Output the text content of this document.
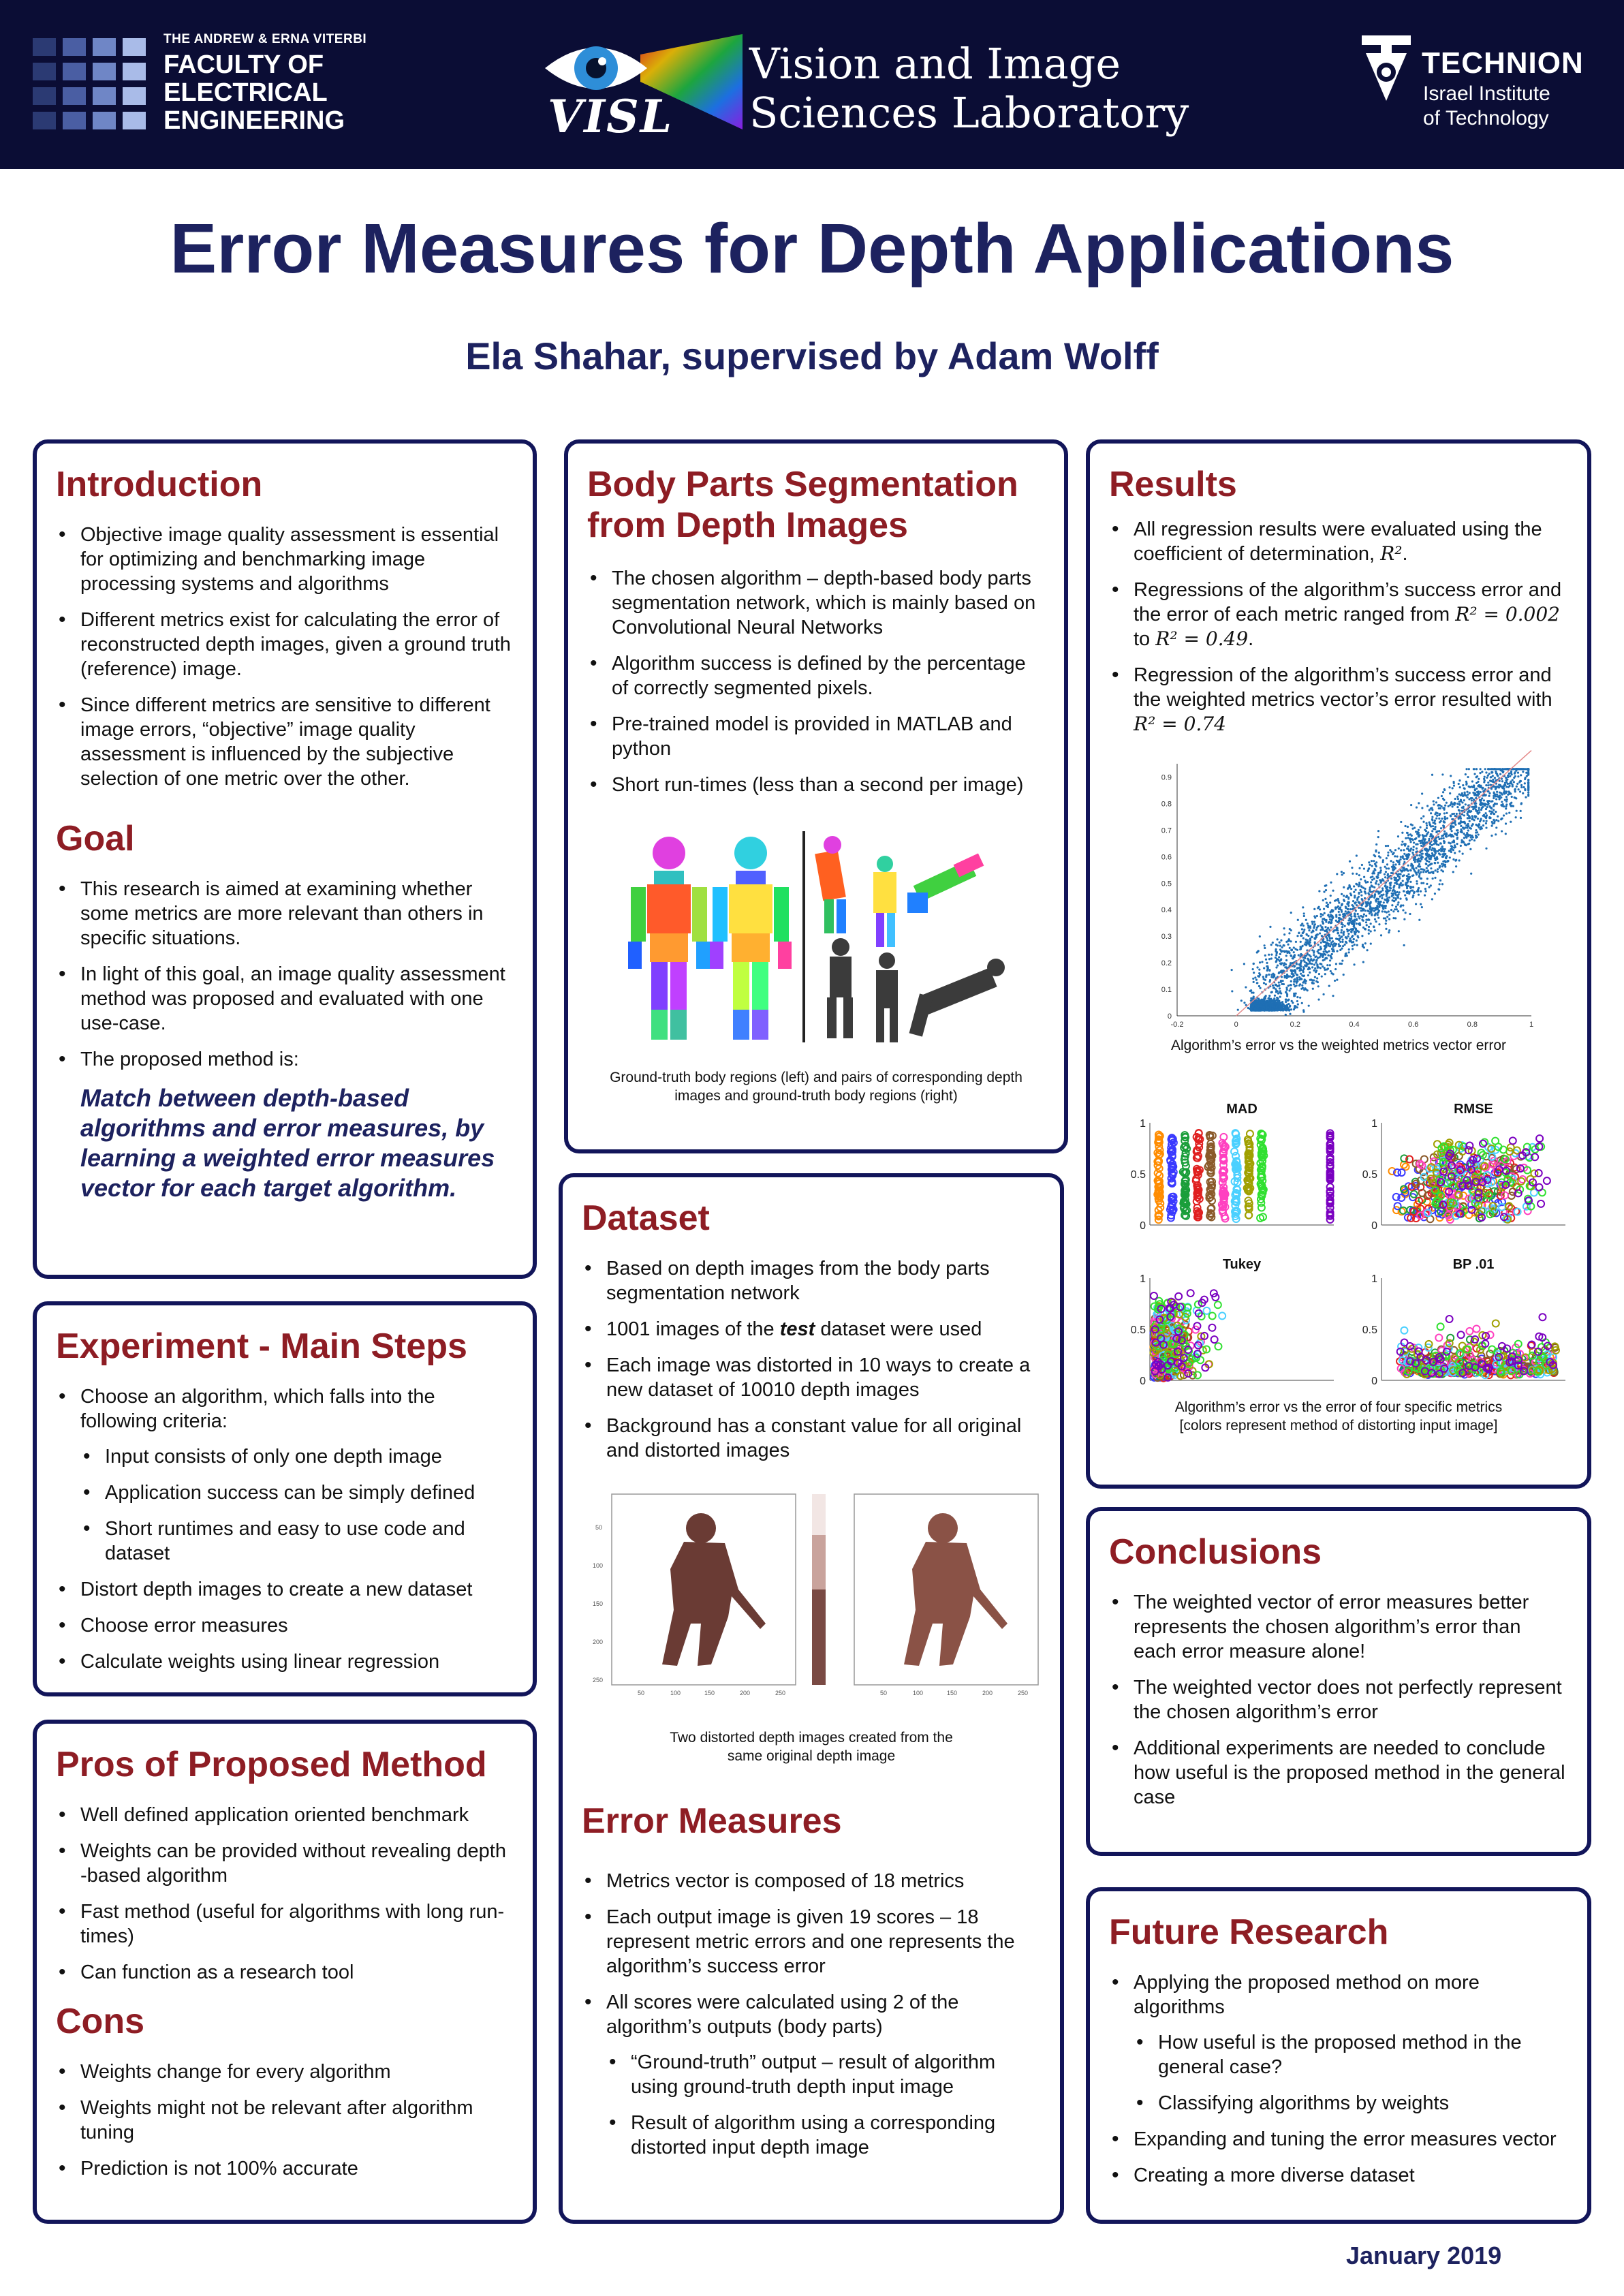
THE ANDREW & ERNA VITERBI
FACULTY OF
ELECTRICAL
ENGINEERING	VISL
Vision and Image
Sciences Laboratory
TECHNION
Israel Institute
of Technology
Error Measures for Depth Applications
Ela Shahar, supervised by Adam Wolff
Introduction
• Objective image quality assessment is essential for optimizing and benchmarking image processing systems and algorithms
• Different metrics exist for calculating the error of reconstructed depth images, given a ground truth (reference) image.
• Since different metrics are sensitive to different image errors, “objective” image quality assessment is influenced by the subjective selection of one metric over the other.
Goal
• This research is aimed at examining whether some metrics are more relevant than others in specific situations.
• In light of this goal, an image quality assessment method was proposed and evaluated with one use-case.
• The proposed method is:
Match between depth-based algorithms and error measures, by learning a weighted error measures vector for each target algorithm.
Experiment - Main Steps
• Choose an algorithm, which falls into the following criteria:
• Input consists of only one depth image
• Application success can be simply defined
• Short runtimes and easy to use code and dataset
• Distort depth images to create a new dataset
• Choose error measures
• Calculate weights using linear regression
Pros of Proposed Method
• Well defined application oriented benchmark
• Weights can be provided without revealing depth -based algorithm
• Fast method (useful for algorithms with long run-times)
• Can function as a research tool
Cons
• Weights change for every algorithm
• Weights might not be relevant after algorithm tuning
• Prediction is not 100% accurate
Body Parts Segmentation
from Depth Images
• The chosen algorithm – depth-based body parts segmentation network, which is mainly based on Convolutional Neural Networks
• Algorithm success is defined by the percentage of correctly segmented pixels.
• Pre-trained model is provided in MATLAB and python
• Short run-times (less than a second per image)
Ground-truth body regions (left) and pairs of corresponding depth images and ground-truth body regions (right)
Dataset
• Based on depth images from the body parts segmentation network
• 1001 images of the test dataset were used
• Each image was distorted in 10 ways to create a new dataset of 10010 depth images
• Background has a constant value for all original and distorted images
50
100
150
200
250
50	100	150	200	250	50	100	150	200	250
Two distorted depth images created from the same original depth image
Error Measures
• Metrics vector is composed of 18 metrics
• Each output image is given 19 scores – 18 represent metric errors and one represents the algorithm’s success error
• All scores were calculated using 2 of the algorithm’s outputs (body parts)
• “Ground-truth” output – result of algorithm using ground-truth depth input image
• Result of algorithm using a corresponding distorted input depth image
Results
• All regression results were evaluated using the coefficient of determination, R².
• Regressions of the algorithm’s success error and the error of each metric ranged from R² = 0.002 to R² = 0.49.
• Regression of the algorithm’s success error and the weighted metrics vector’s error resulted with R² = 0.74
-0.2	0	0.2	0.4	0.6	0.8	1
0
0.1
0.2
0.3
0.4
0.5
0.6
0.7
0.8
0.9
Algorithm’s error vs the weighted metrics vector error
MAD
0
0.5
1
RMSE
0
0.5
1
Tukey
0
0.5
1
BP .01
0
0.5
1
Algorithm’s error vs the error of four specific metrics
[colors represent method of distorting input image]
Conclusions
• The weighted vector of error measures better represents the chosen algorithm’s error than each error measure alone!
• The weighted vector does not perfectly represent the chosen algorithm’s error
• Additional experiments are needed to conclude how useful is the proposed method in the general case
Future Research
• Applying the proposed method on more algorithms
• How useful is the proposed method in the general case?
• Classifying algorithms by weights
• Expanding and tuning the error measures vector
• Creating a more diverse dataset
January 2019
